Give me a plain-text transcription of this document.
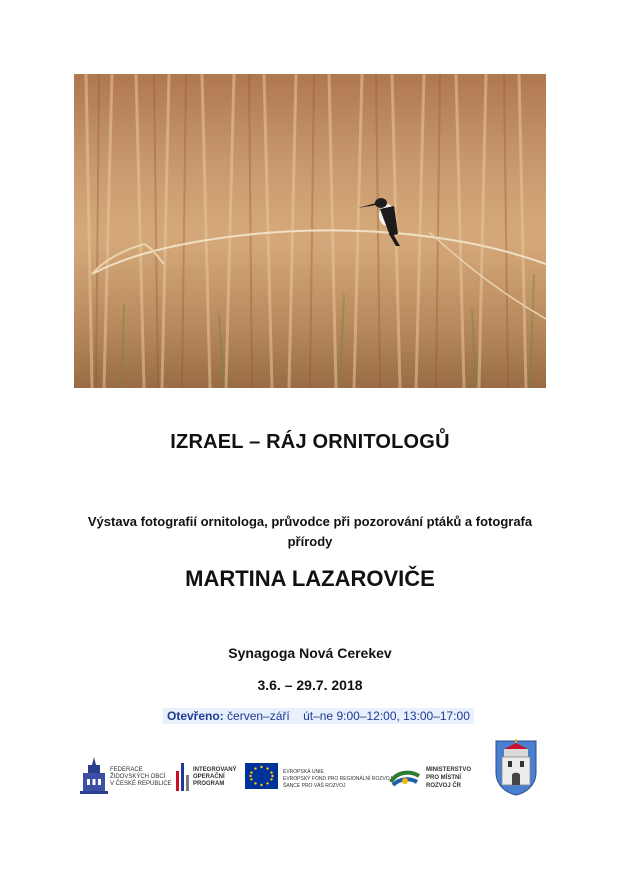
IZRAEL – RÁJ ORNITOLOGŮ
Výstava fotografií ornitologa, průvodce při pozorování ptáků a fotografa
přírody
MARTINA LAZAROVIČE
Synagoga Nová Cerekev
3.6. – 29.7. 2018
Otevřeno: červen–září út–ne 9:00–12:00, 13:00–17:00
FEDERACE
ŽIDOVSKÝCH OBCÍ
V ČESKÉ REPUBLICE
INTEGROVANÝ
OPERAČNÍ
PROGRAM
EVROPSKÁ UNIE
EVROPSKÝ FOND PRO REGIONÁLNÍ ROZVOJ
ŠANCE PRO VÁŠ ROZVOJ
MINISTERSTVO
PRO MÍSTNÍ
ROZVOJ ČR
